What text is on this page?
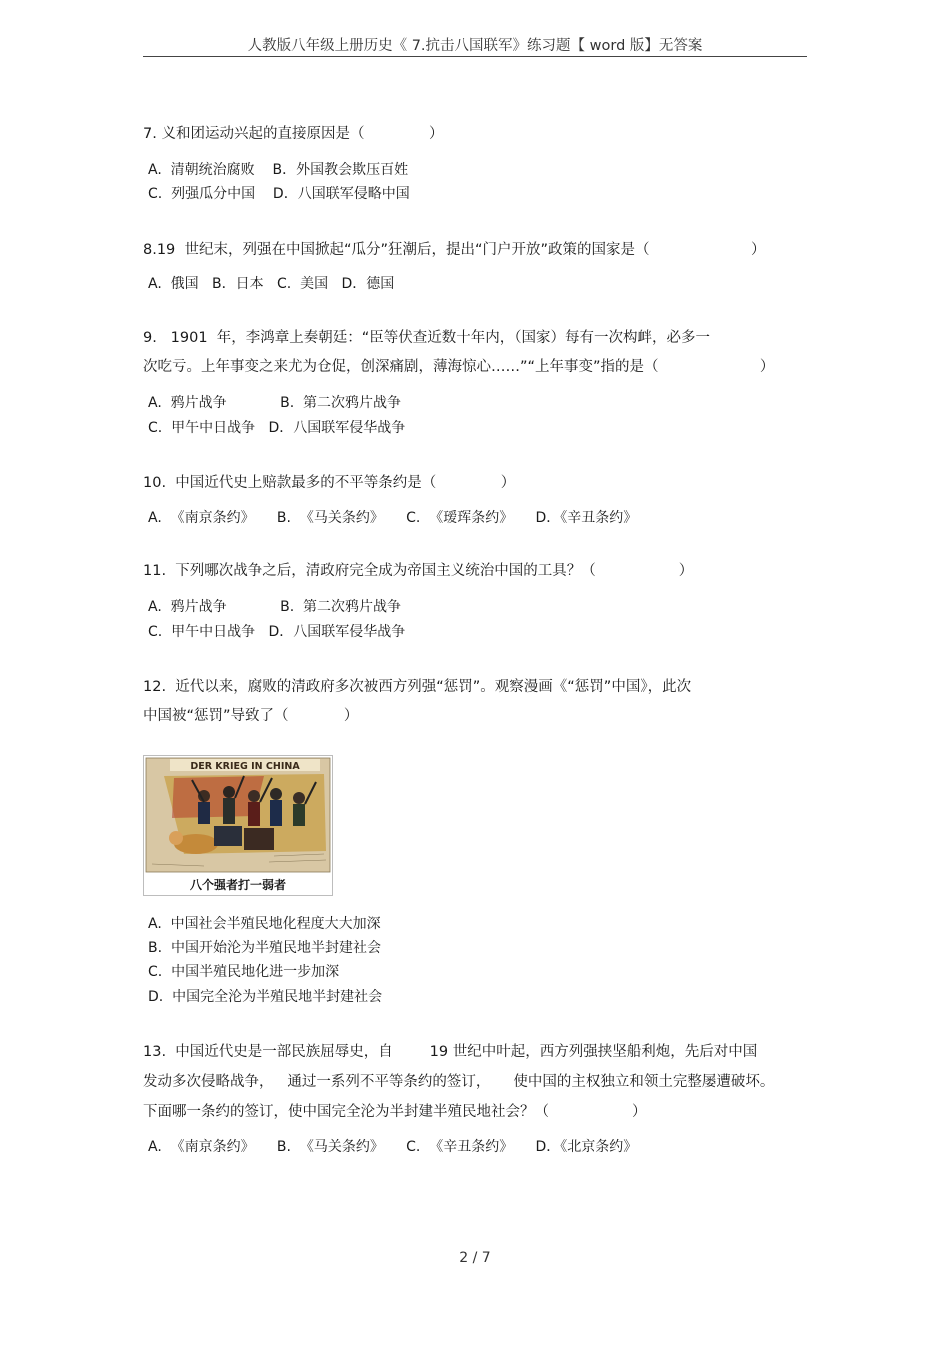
人教版八年级上册历史《 7.抗击八国联军》练习题【 word 版】无答案
7. 义和团运动兴起的直接原因是（              ）
A.  清朝统治腐败    B．外国教会欺压百姓
C.  列强瓜分中国    D．八国联军侵略中国
8.19  世纪末，列强在中国掀起“瓜分”狂潮后，提出“门户开放”政策的国家是（                      ）
A.  俄国   B．日本   C.  美国   D．德国
9.   1901  年，李鸿章上奏朝廷：“臣等伏查近数十年内，（国家）每有一次构衅，必多一
次吃亏。上年事变之来尤为仓促，创深痛剧，薄海惊心……”“上年事变”指的是（                      ）
A.  鸦片战争            B.  第二次鸦片战争
C.  甲午中日战争   D．八国联军侵华战争
10.  中国近代史上赔款最多的不平等条约是（              ）
A.  《南京条约》     B.  《马关条约》     C.  《瑷珲条约》     D．《辛丑条约》
11.  下列哪次战争之后，清政府完全成为帝国主义统治中国的工具？（                  ）
A.  鸦片战争            B.  第二次鸦片战争
C.  甲午中日战争   D．八国联军侵华战争
12.  近代以来，腐败的清政府多次被西方列强“惩罚”。观察漫画《“惩罚”中国》，此次
中国被“惩罚”导致了（            ）
DER KRIEG IN CHINA
八个强者打一弱者
A.  中国社会半殖民地化程度大大加深
B.  中国开始沦为半殖民地半封建社会
C.  中国半殖民地化进一步加深
D.  中国完全沦为半殖民地半封建社会
13.  中国近代史是一部民族屈辱史，自        19 世纪中叶起，西方列强挟坚船利炮，先后对中国
发动多次侵略战争，   通过一系列不平等条约的签订，     使中国的主权独立和领土完整屡遭破坏。
下面哪一条约的签订，使中国完全沦为半封建半殖民地社会？（                  ）
A.  《南京条约》     B.  《马关条约》     C.  《辛丑条约》     D．《北京条约》
2 / 7
